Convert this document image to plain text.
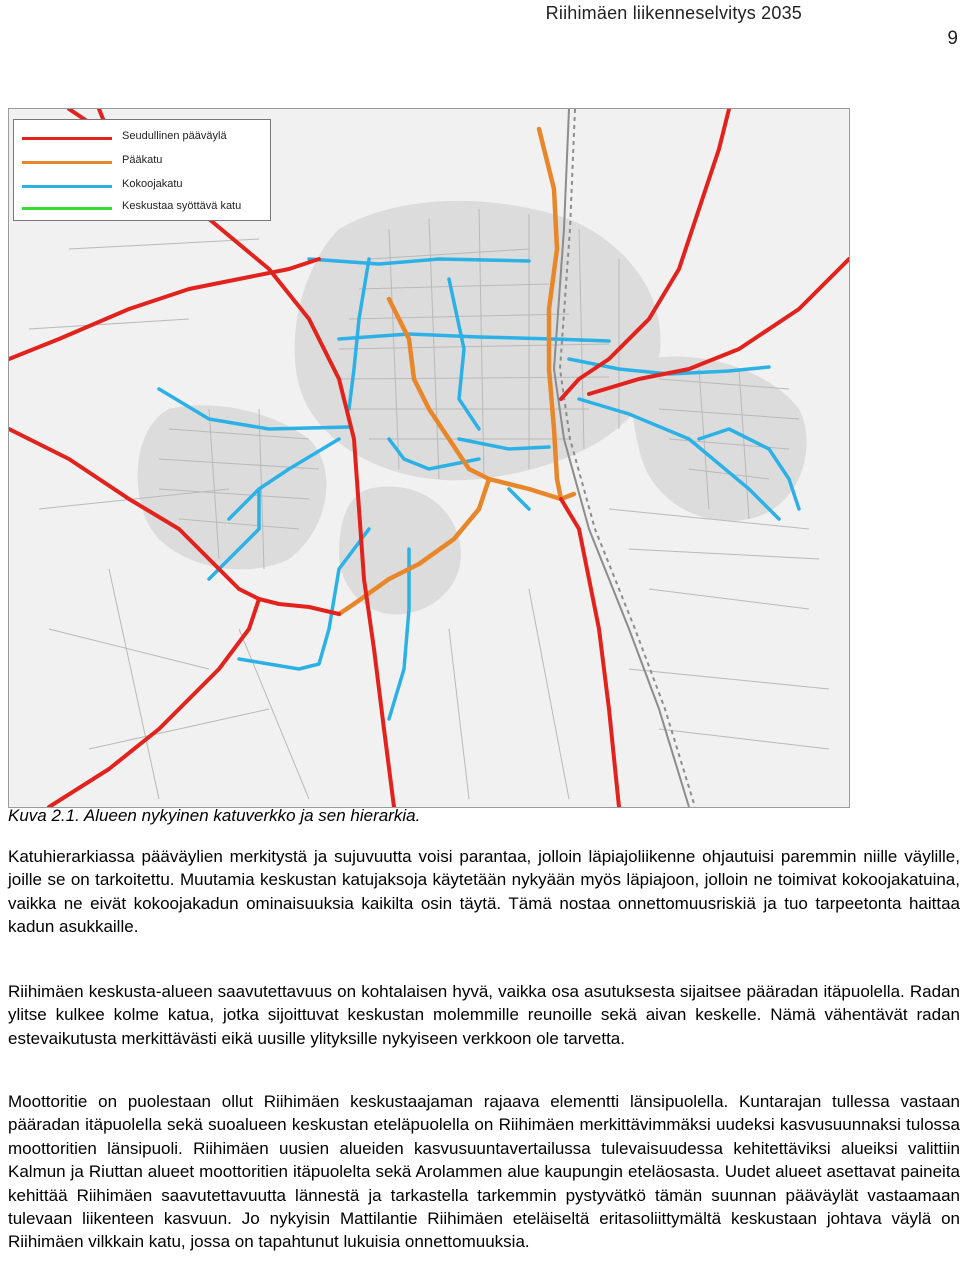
Riihimäen liikenneselvitys 2035
9
Seudullinen pääväylä
Pääkatu
Kokoojakatu
Keskustaa syöttävä katu
Kuva 2.1. Alueen nykyinen katuverkko ja sen hierarkia.

Katuhierarkiassa pääväylien merkitystä ja sujuvuutta voisi parantaa, jolloin läpiajoliikenne ohjautuisi paremmin niille väylille, joille se on tarkoitettu. Muutamia keskustan katujaksoja käytetään nykyään myös läpiajoon, jolloin ne toimivat kokoojakatuina, vaikka ne eivät kokoojakadun ominaisuuksia kaikilta osin täytä. Tämä nostaa onnettomuusriskiä ja tuo tarpeetonta haittaa kadun asukkaille.

Riihimäen keskusta-alueen saavutettavuus on kohtalaisen hyvä, vaikka osa asutuksesta sijaitsee pääradan itäpuolella. Radan ylitse kulkee kolme katua, jotka sijoittuvat keskustan molemmille reunoille sekä aivan keskelle. Nämä vähentävät radan estevaikutusta merkittävästi eikä uusille ylityksille nykyiseen verkkoon ole tarvetta.

Moottoritie on puolestaan ollut Riihimäen keskustaajaman rajaava elementti länsipuolella. Kuntarajan tullessa vastaan pääradan itäpuolella sekä suoalueen keskustan eteläpuolella on Riihimäen merkittävimmäksi uudeksi kasvusuunnaksi tulossa moottoritien länsipuoli. Riihimäen uusien alueiden kasvusuuntavertailussa tulevaisuudessa kehitettäviksi alueiksi valittiin Kalmun ja Riuttan alueet moottoritien itäpuolelta sekä Arolammen alue kaupungin eteläosasta. Uudet alueet asettavat paineita kehittää Riihimäen saavutettavuutta lännestä ja tarkastella tarkemmin pystyvätkö tämän suunnan pääväylät vastaamaan tulevaan liikenteen kasvuun. Jo nykyisin Mattilantie Riihimäen eteläiseltä eritasoliittymältä keskustaan johtava väylä on Riihimäen vilkkain katu, jossa on tapahtunut lukuisia onnettomuuksia.
